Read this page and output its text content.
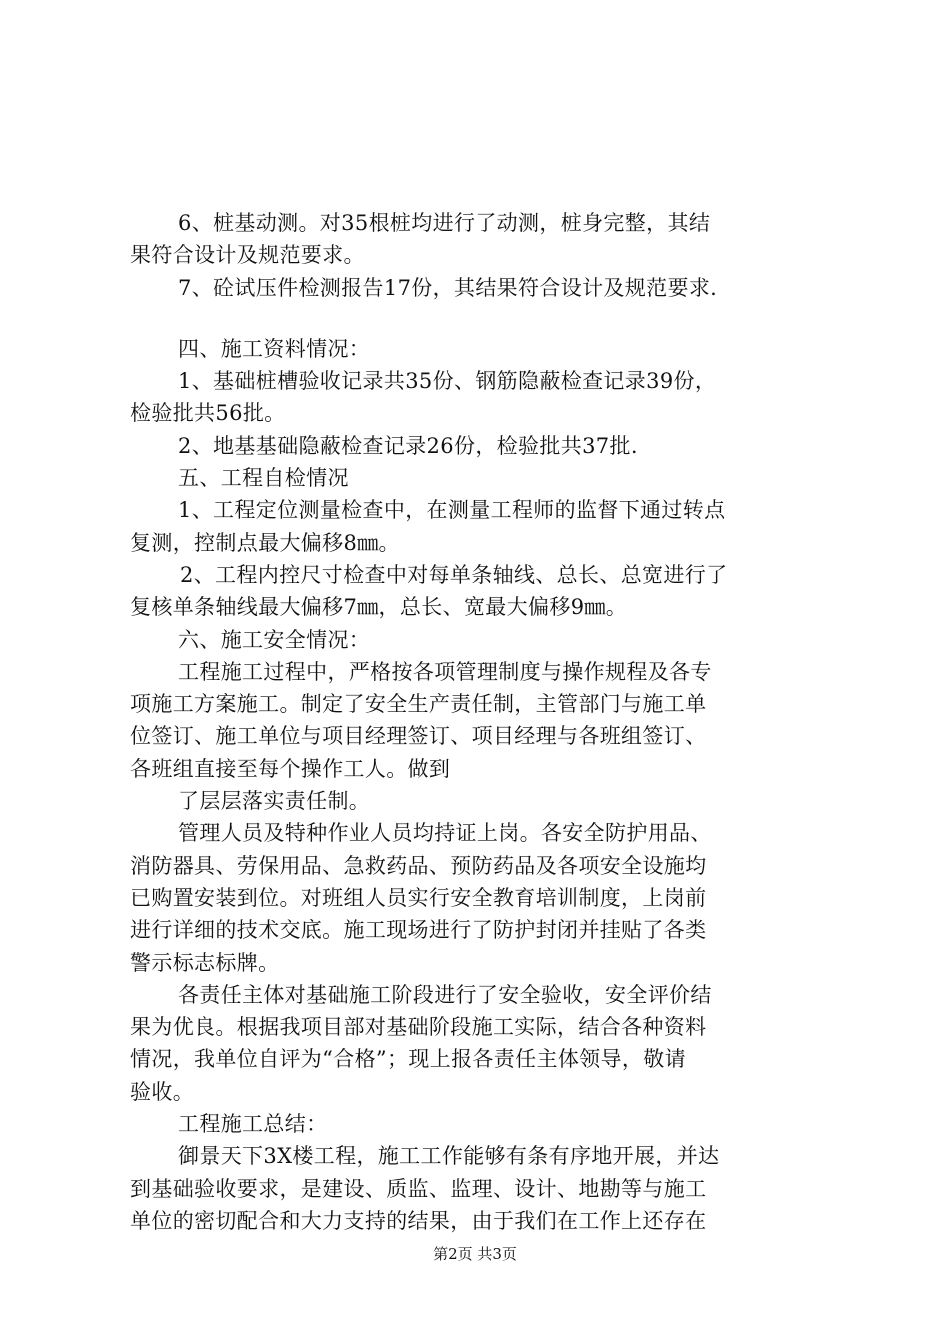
6、桩基动测。对35根桩均进行了动测，桩身完整，其结
果符合设计及规范要求。
7、砼试压件检测报告17份，其结果符合设计及规范要求.
四、施工资料情况：
1、基础桩槽验收记录共35份、钢筋隐蔽检查记录39份，
检验批共56批。
2、地基基础隐蔽检查记录26份，检验批共37批.
五、工程自检情况
1、工程定位测量检查中，在测量工程师的监督下通过转点
复测，控制点最大偏移8㎜。
2、工程内控尺寸检查中对每单条轴线、总长、总宽进行了
复核单条轴线最大偏移7㎜，总长、宽最大偏移9㎜。
六、施工安全情况：
工程施工过程中，严格按各项管理制度与操作规程及各专
项施工方案施工。制定了安全生产责任制，主管部门与施工单
位签订、施工单位与项目经理签订、项目经理与各班组签订、
各班组直接至每个操作工人。做到
了层层落实责任制。
管理人员及特种作业人员均持证上岗。各安全防护用品、
消防器具、劳保用品、急救药品、预防药品及各项安全设施均
已购置安装到位。对班组人员实行安全教育培训制度，上岗前
进行详细的技术交底。施工现场进行了防护封闭并挂贴了各类
警示标志标牌。
各责任主体对基础施工阶段进行了安全验收，安全评价结
果为优良。根据我项目部对基础阶段施工实际，结合各种资料
情况，我单位自评为“合格”；现上报各责任主体领导，敬请
验收。
工程施工总结：
御景天下3X楼工程，施工工作能够有条有序地开展，并达
到基础验收要求，是建设、质监、监理、设计、地勘等与施工
单位的密切配合和大力支持的结果，由于我们在工作上还存在
第2页 共3页
